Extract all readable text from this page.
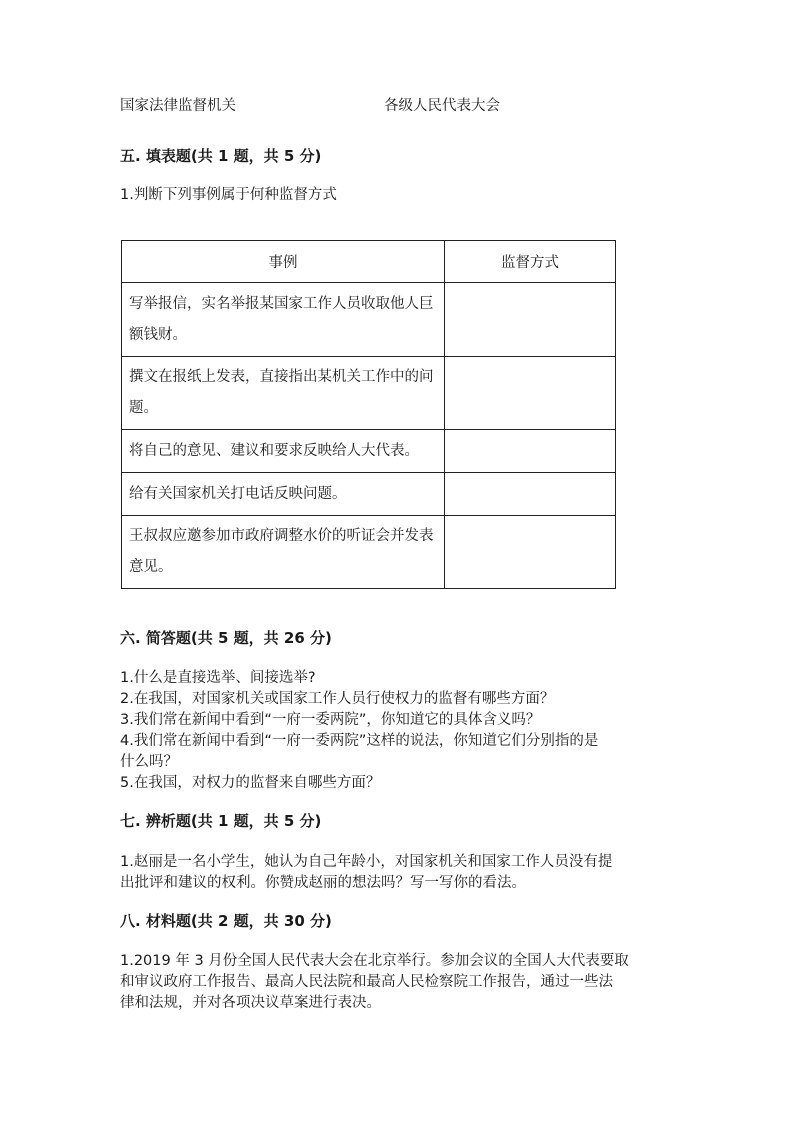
国家法律监督机关	各级人民代表大会
五. 填表题(共 1 题，共 5 分)
1.判断下列事例属于何种监督方式
事例	监督方式

写举报信，实名举报某国家工作人员收取他人巨额钱财。	

撰文在报纸上发表，直接指出某机关工作中的问题。	

将自己的意见、建议和要求反映给人大代表。	

给有关国家机关打电话反映问题。	

王叔叔应邀参加市政府调整水价的听证会并发表意见。	

六. 简答题(共 5 题，共 26 分)
1.什么是直接选举、间接选举?
2.在我国，对国家机关或国家工作人员行使权力的监督有哪些方面？
3.我们常在新闻中看到“一府一委两院”，你知道它的具体含义吗？
4.我们常在新闻中看到“一府一委两院”这样的说法，你知道它们分别指的是
什么吗？
5.在我国，对权力的监督来自哪些方面？
七. 辨析题(共 1 题，共 5 分)
1.赵丽是一名小学生，她认为自己年龄小，对国家机关和国家工作人员没有提
出批评和建议的权利。你赞成赵丽的想法吗？写一写你的看法。
八. 材料题(共 2 题，共 30 分)
1.2019 年 3 月份全国人民代表大会在北京举行。参加会议的全国人大代表要取
和审议政府工作报告、最高人民法院和最高人民检察院工作报告，通过一些法
律和法规，并对各项决议草案进行表决。
